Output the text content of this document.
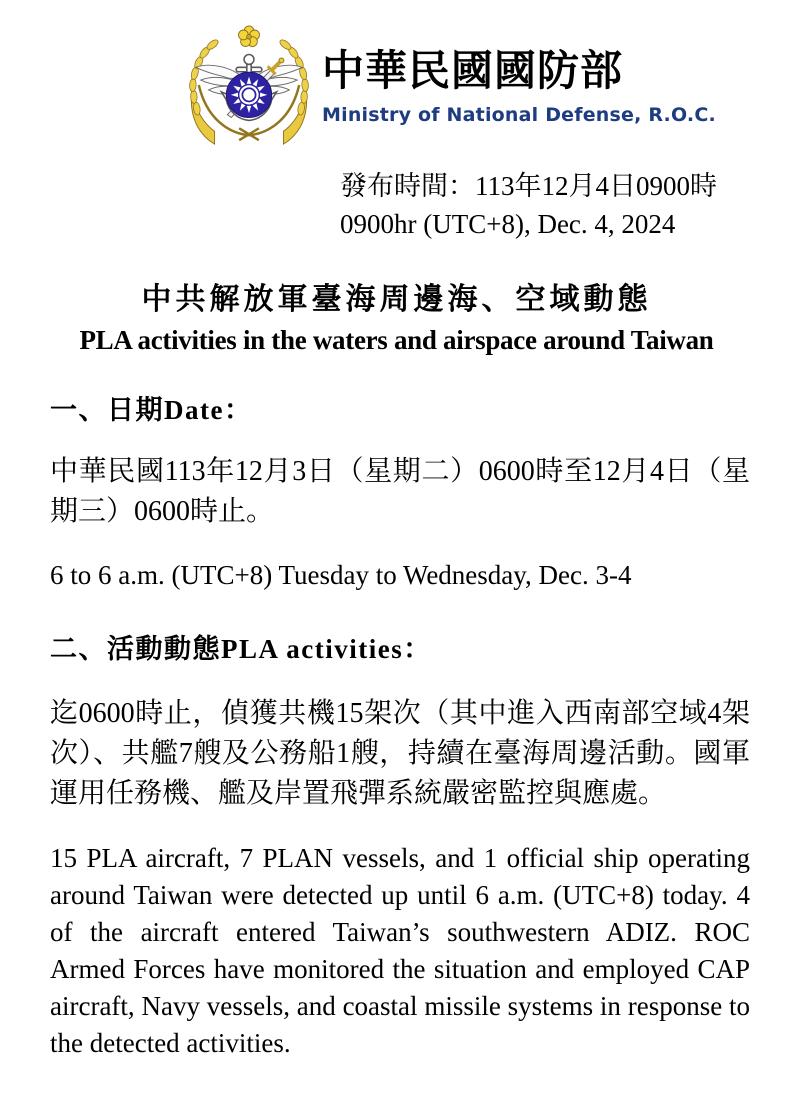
中華民國國防部
Ministry of National Defense, R.O.C.
發布時間：113年12月4日0900時
0900hr (UTC+8), Dec. 4, 2024
中共解放軍臺海周邊海、空域動態
PLA activities in the waters and airspace around Taiwan
一、日期Date：
中華民國113年12月3日（星期二）0600時至12月4日（星期三）0600時止。
6 to 6 a.m. (UTC+8) Tuesday to Wednesday, Dec. 3-4
二、活動動態PLA activities：
迄0600時止，偵獲共機15架次（其中進入西南部空域4架次）、共艦7艘及公務船1艘，持續在臺海周邊活動。國軍運用任務機、艦及岸置飛彈系統嚴密監控與應處。
15 PLA aircraft, 7 PLAN vessels, and 1 official ship operating around Taiwan were detected up until 6 a.m. (UTC+8) today. 4 of the aircraft entered Taiwan’s southwestern ADIZ. ROC Armed Forces have monitored the situation and employed CAP aircraft, Navy vessels, and coastal missile systems in response to the detected activities.
